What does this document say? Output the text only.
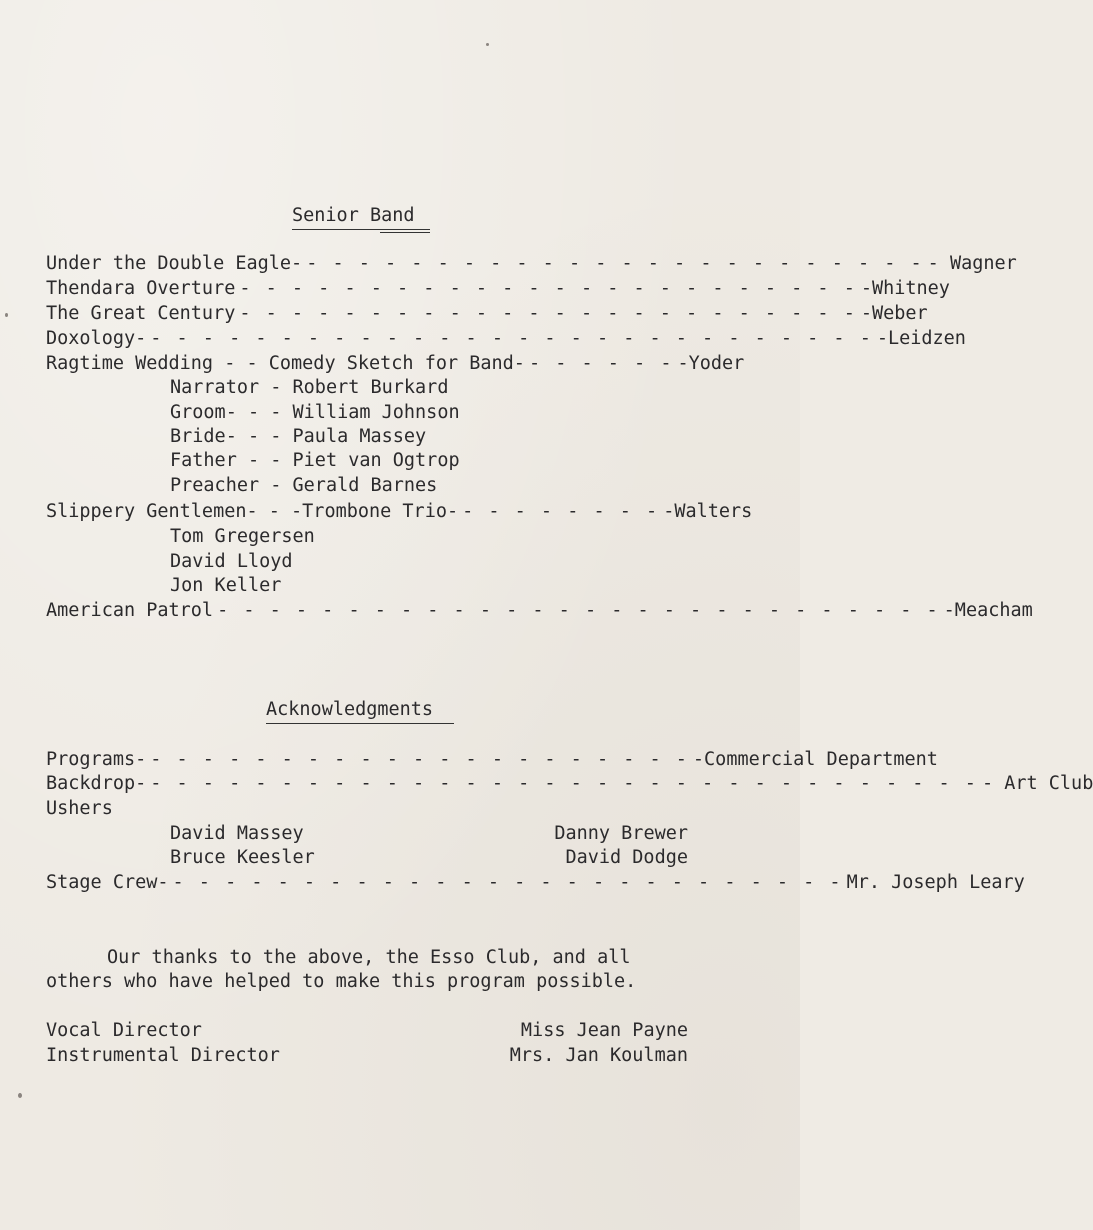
Senior Band
Under the Double Eagle- - - - - - - - - - - - - - - - - - - - - - - - - - Wagner
Thendara Overture - - - - - - - - - - - - - - - - - - - - - - - - -Whitney
The Great Century - - - - - - - - - - - - - - - - - - - - - - - - -Weber
Doxology- - - - - - - - - - - - - - - - - - - - - - - - - - - - - -Leidzen
Ragtime Wedding - - Comedy Sketch for Band- - - - - - - -Yoder
Narrator - Robert Burkard
Groom- - - William Johnson
Bride- - - Paula Massey
Father - - Piet van Ogtrop
Preacher - Gerald Barnes
Slippery Gentlemen- - -Trombone Trio- - - - - - - - - -Walters
Tom Gregersen
David Lloyd
Jon Keller
American Patrol - - - - - - - - - - - - - - - - - - - - - - - - - - - - -Meacham
Acknowledgments
Programs- - - - - - - - - - - - - - - - - - - - - - -Commercial Department
Backdrop- - - - - - - - - - - - - - - - - - - - - - - - - - - - - - - - - - Art Club
Ushers
David Massey	Danny Brewer
Bruce Keesler	David Dodge
Stage Crew- - - - - - - - - - - - - - - - - - - - - - - - - - - Mr. Joseph Leary
Our thanks to the above, the Esso Club, and all
others who have helped to make this program possible.
Vocal Director	Miss Jean Payne
Instrumental Director	Mrs. Jan Koulman
